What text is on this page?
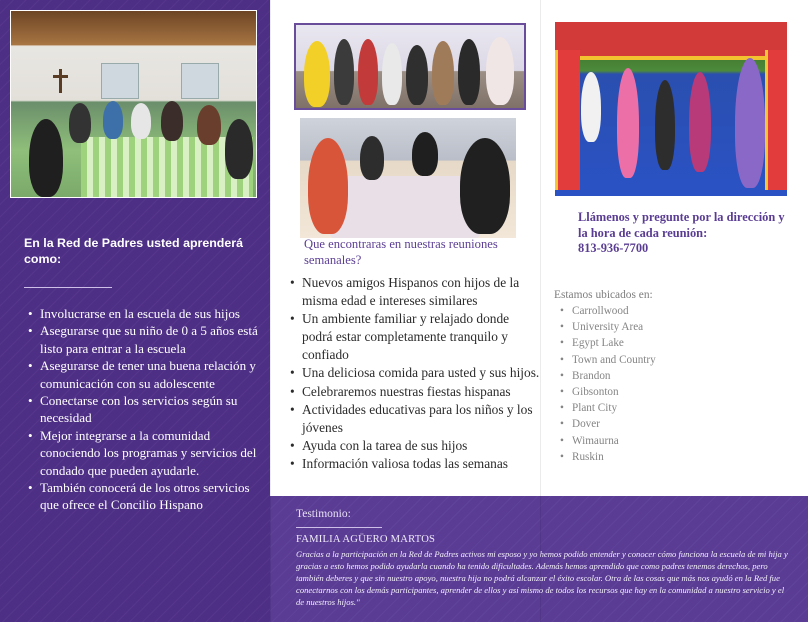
En la Red de Padres usted aprenderá como:
• Involucrarse en la escuela de sus hijos
• Asegurarse que su niño de 0 a 5 años está listo para entrar a la escuela
• Asegurarse de tener una buena relación y comunicación con su adolescente
• Conectarse con los servicios según su necesidad
• Mejor integrarse a la comunidad conociendo los programas y servicios del condado que pueden ayudarle.
• También conocerá de los otros servicios que ofrece el Concilio Hispano
Que encontraras en nuestras reuniones semanales?
• Nuevos amigos Hispanos con hijos de la misma edad e intereses similares
• Un ambiente familiar y relajado donde podrá estar completamente tranquilo y confiado
• Una deliciosa comida para usted y sus hijos.
• Celebraremos nuestras fiestas hispanas
• Actividades educativas para los niños y los jóvenes
• Ayuda con la tarea de sus hijos
• Información valiosa todas las semanas
Llámenos y pregunte por la dirección y la hora de cada reunión:
813-936-7700
Estamos ubicados en:
• Carrollwood
• University Area
• Egypt Lake
• Town and Country
• Brandon
• Gibsonton
• Plant City
• Dover
• Wimaurna
• Ruskin
Testimonio:
FAMILIA AGÜERO MARTOS
Gracias a la participación en la Red de Padres activos mi esposo y yo hemos podido entender y conocer cómo funciona la escuela de mi hija y gracias a esto hemos podido ayudarla cuando ha tenido dificultades. Además hemos aprendido que como padres tenemos derechos, pero también deberes y que sin nuestro apoyo, nuestra hija no podrá alcanzar el éxito escolar. Otra de las cosas que más nos ayudó en la Red fue conectarnos con los demás participantes, aprender de ellos y así mismo de todos los recursos que hay en la comunidad a nuestro servicio y el de nuestros hijos."
